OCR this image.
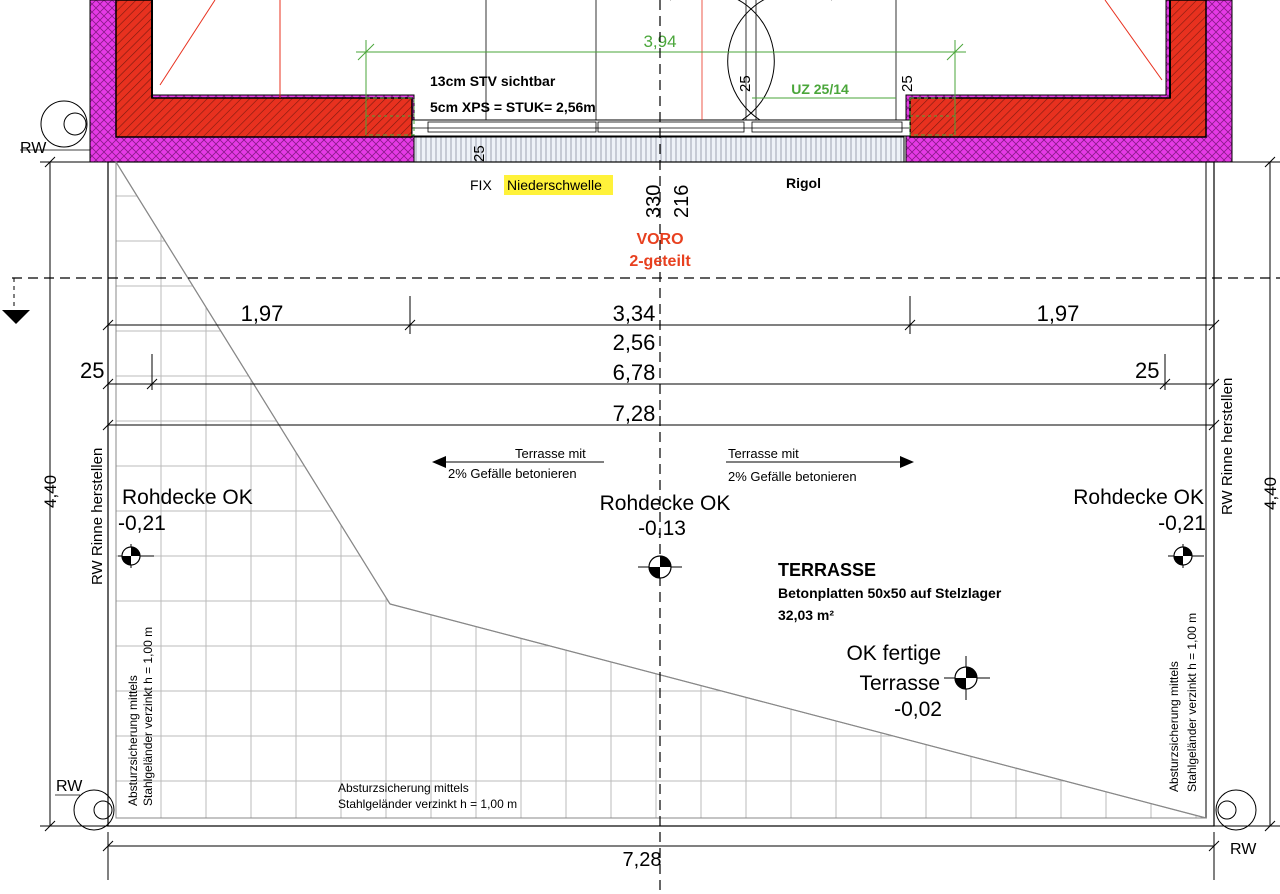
3,94
UZ 25/14
13cm STV sichtbar
5cm XPS = STUK= 2,56m
25	25
25
RW
FIX Niederschwelle	Rigol
330 216
VORO
2-geteilt
1,97	3,34	1,97
2,56
25	6,78	25
7,28
Terrasse mit
2% Gefälle betonieren
Terrasse mit
2% Gefälle betonieren
RW Rinne herstellen
RW Rinne herstellen
4,40	4,40
Rohdecke OK
-0,21
Rohdecke OK
-0,13
Rohdecke OK
-0,21
TERRASSE
Betonplatten 50x50 auf Stelzlager
32,03 m²
OK fertige
Terrasse
-0,02
Absturzsicherung mittels Stahlgeländer verzinkt h = 1,00 m	Absturzsicherung mittels
Stahlgeländer verzinkt h = 1,00 m
Absturzsicherung mittels Stahlgeländer verzinkt h = 1,00 m
RW
RW
7,28
